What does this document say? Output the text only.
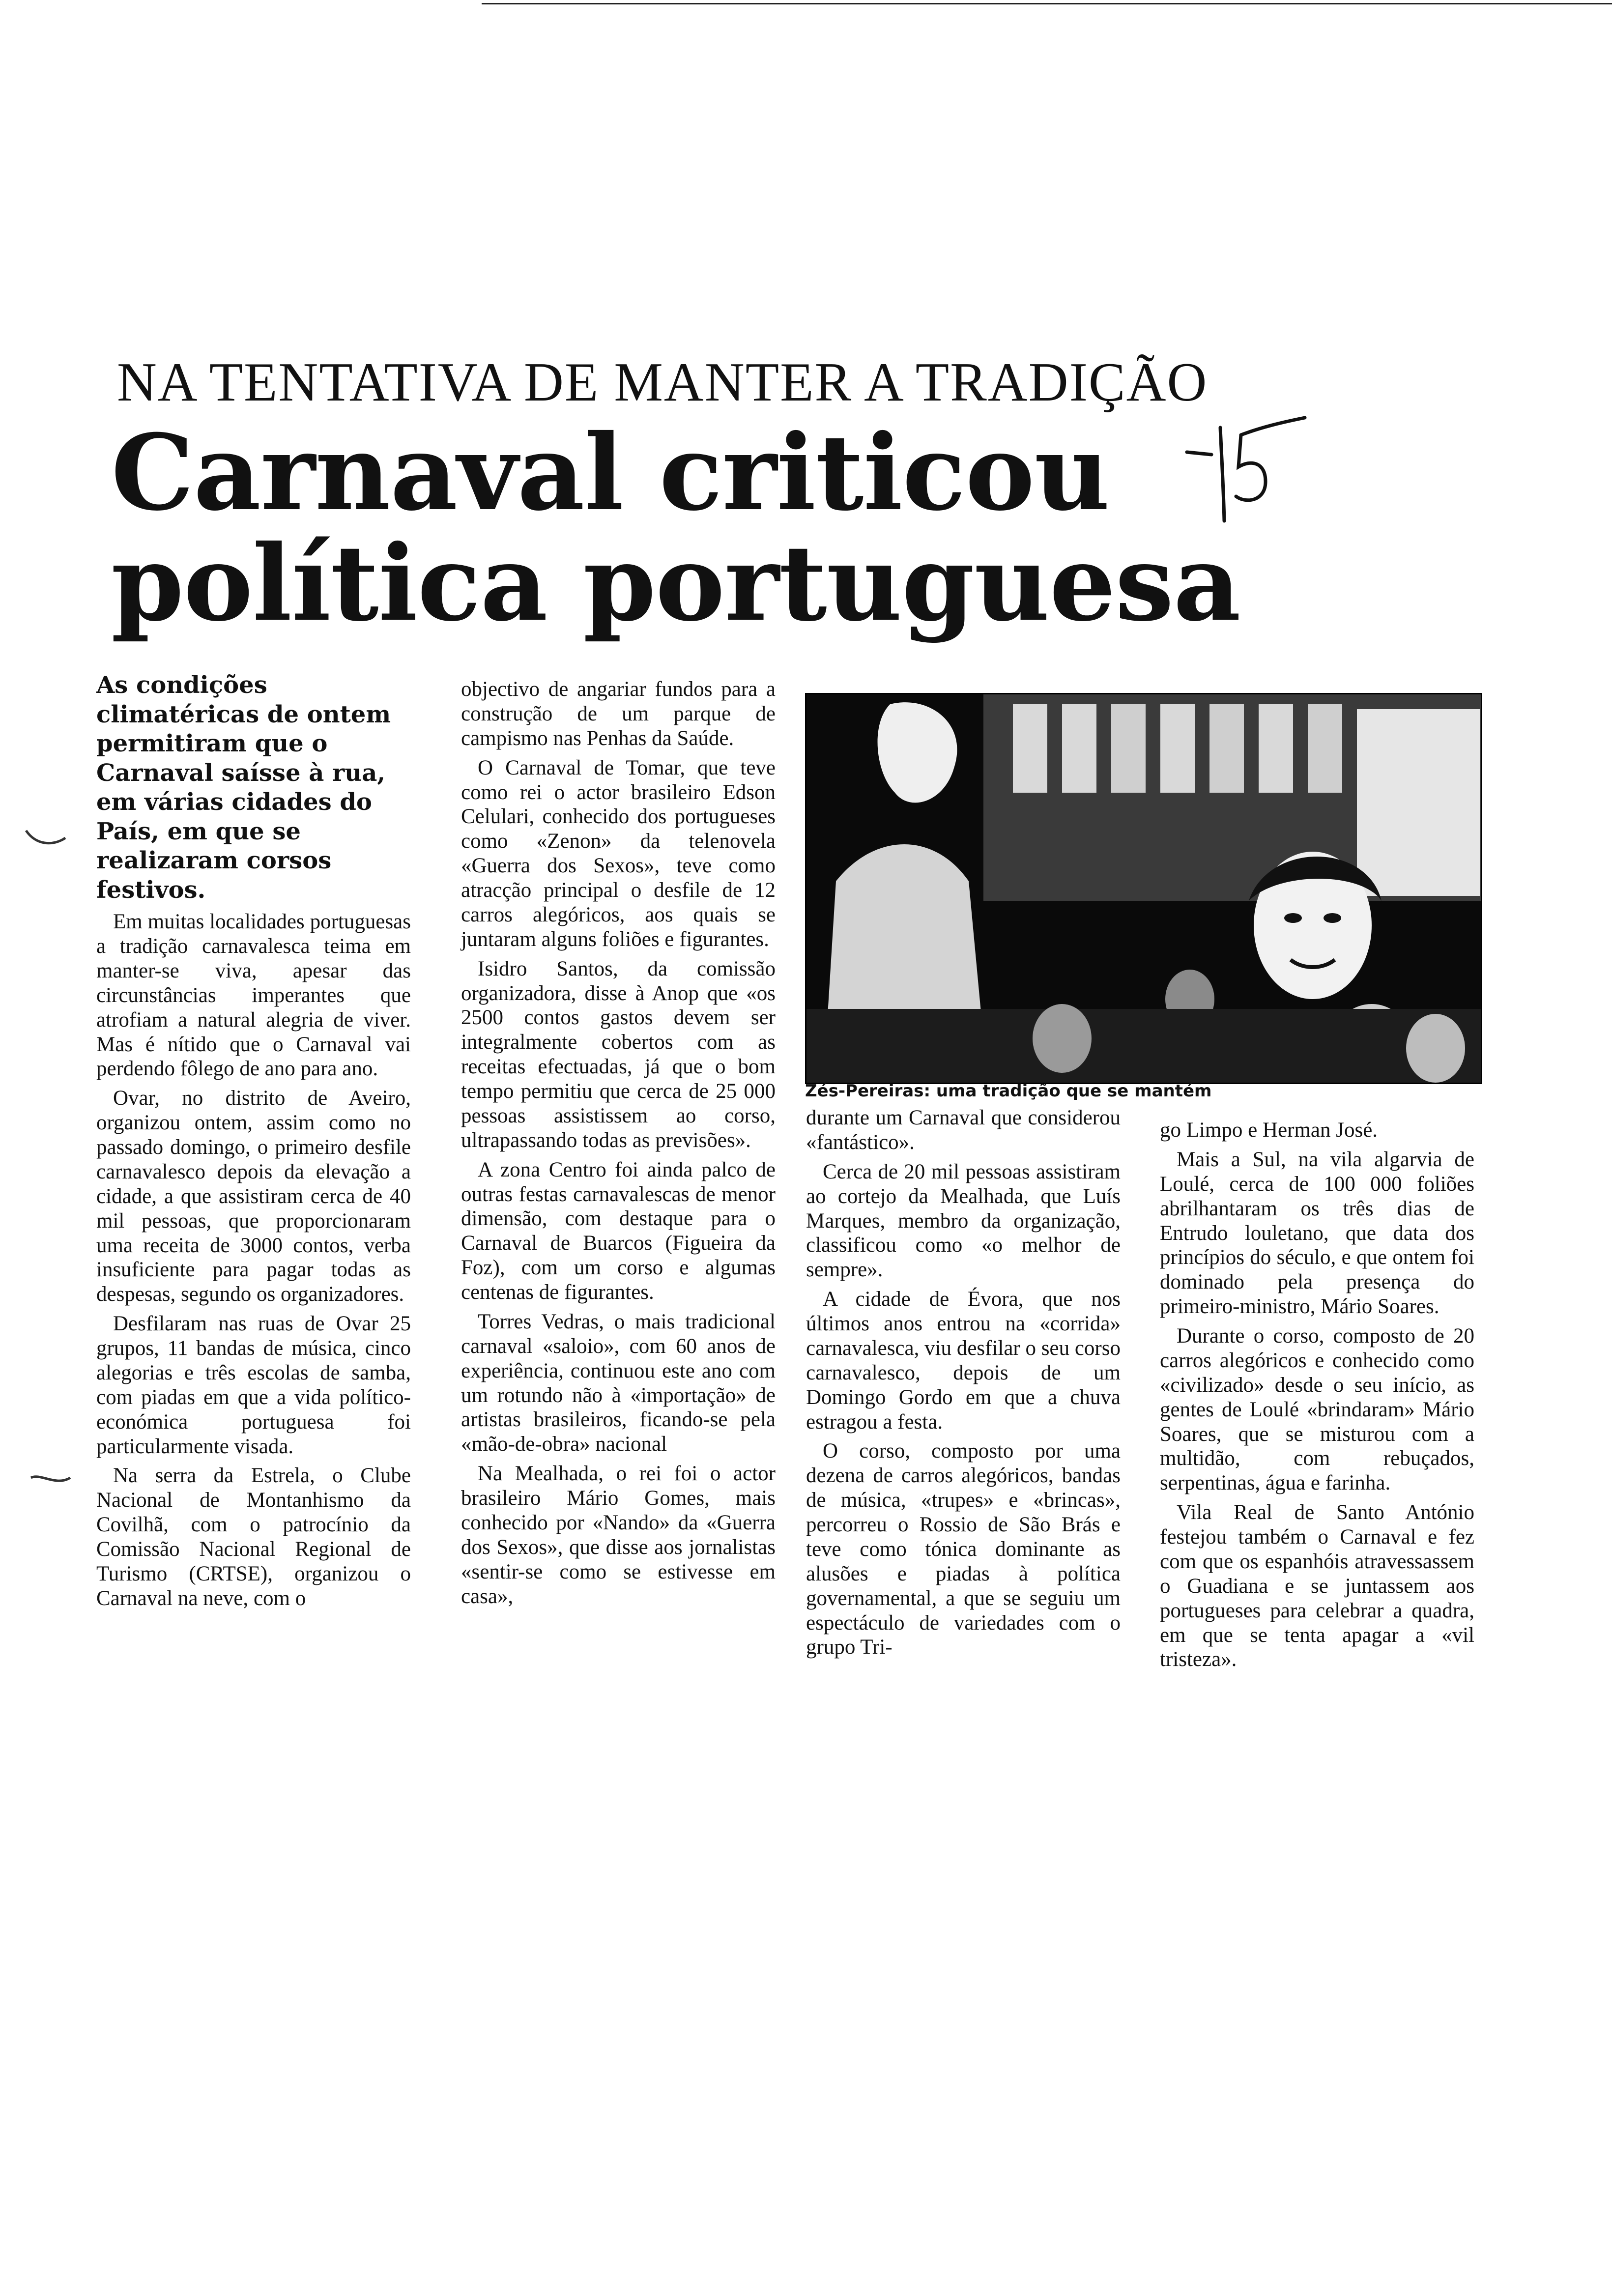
NA TENTATIVA DE MANTER A TRADIÇÃO
Carnaval criticou política portuguesa

As condições climatéricas de ontem permitiram que o Carnaval saísse à rua, em várias cidades do País, em que se realizaram corsos festivos.

Em muitas localidades portuguesas a tradição carnavalesca teima em manter-se viva, apesar das circunstâncias imperantes que atrofiam a natural alegria de viver. Mas é nítido que o Carnaval vai perdendo fôlego de ano para ano.

Ovar, no distrito de Aveiro, organizou ontem, assim como no passado domingo, o primeiro desfile carnavalesco depois da elevação a cidade, a que assistiram cerca de 40 mil pessoas, que proporcionaram uma receita de 3000 contos, verba insuficiente para pagar todas as despesas, segundo os organizadores.

Desfilaram nas ruas de Ovar 25 grupos, 11 bandas de música, cinco alegorias e três escolas de samba, com piadas em que a vida político-económica portuguesa foi particularmente visada.

Na serra da Estrela, o Clube Nacional de Montanhismo da Covilhã, com o patrocínio da Comissão Nacional Regional de Turismo (CRTSE), organizou o Carnaval na neve, com o

objectivo de angariar fundos para a construção de um parque de campismo nas Penhas da Saúde.

O Carnaval de Tomar, que teve como rei o actor brasileiro Edson Celulari, conhecido dos portugueses como «Zenon» da telenovela «Guerra dos Sexos», teve como atracção principal o desfile de 12 carros alegóricos, aos quais se juntaram alguns foliões e figurantes.

Isidro Santos, da comissão organizadora, disse à Anop que «os 2500 contos gastos devem ser integralmente cobertos com as receitas efectuadas, já que o bom tempo permitiu que cerca de 25 000 pessoas assistissem ao corso, ultrapassando todas as previsões».

A zona Centro foi ainda palco de outras festas carnavalescas de menor dimensão, com destaque para o Carnaval de Buarcos (Figueira da Foz), com um corso e algumas centenas de figurantes.

Torres Vedras, o mais tradicional carnaval «saloio», com 60 anos de experiência, continuou este ano com um rotundo não à «importação» de artistas brasileiros, ficando-se pela «mão-de-obra» nacional

Na Mealhada, o rei foi o actor brasileiro Mário Gomes, mais conhecido por «Nando» da «Guerra dos Sexos», que disse aos jornalistas «sentir-se como se estivesse em casa»,

Zés-Pereiras: uma tradição que se mantém

durante um Carnaval que considerou «fantástico».

Cerca de 20 mil pessoas assistiram ao cortejo da Mealhada, que Luís Marques, membro da organização, classificou como «o melhor de sempre».

A cidade de Évora, que nos últimos anos entrou na «corrida» carnavalesca, viu desfilar o seu corso carnavalesco, depois de um Domingo Gordo em que a chuva estragou a festa.

O corso, composto por uma dezena de carros alegóricos, bandas de música, «trupes» e «brincas», percorreu o Rossio de São Brás e teve como tónica dominante as alusões e piadas à política governamental, a que se seguiu um espectáculo de variedades com o grupo Tri-

go Limpo e Herman José.

Mais a Sul, na vila algarvia de Loulé, cerca de 100 000 foliões abrilhantaram os três dias de Entrudo louletano, que data dos princípios do século, e que ontem foi dominado pela presença do primeiro-ministro, Mário Soares.

Durante o corso, composto de 20 carros alegóricos e conhecido como «civilizado» desde o seu início, as gentes de Loulé «brindaram» Mário Soares, que se misturou com a multidão, com rebuçados, serpentinas, água e farinha.

Vila Real de Santo António festejou também o Carnaval e fez com que os espanhóis atravessassem o Guadiana e se juntassem aos portugueses para celebrar a quadra, em que se tenta apagar a «vil tristeza».
